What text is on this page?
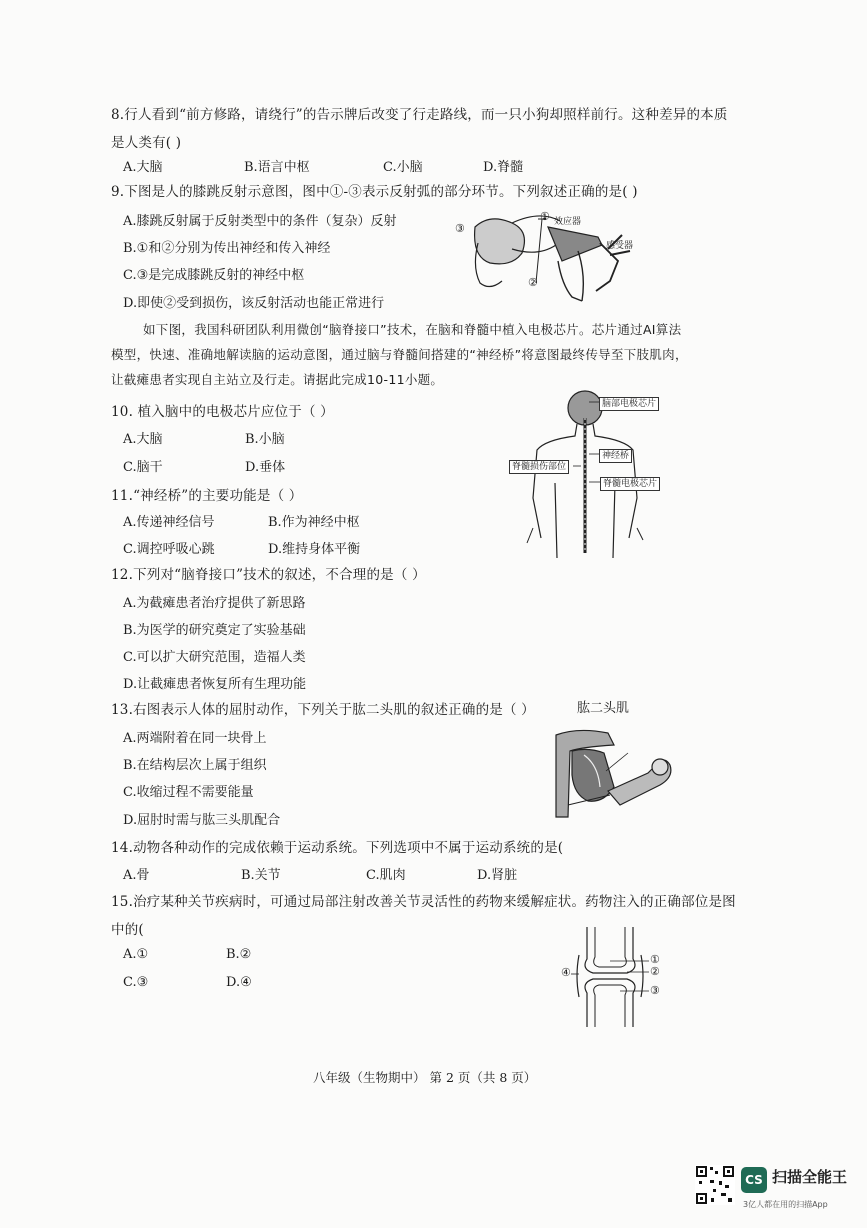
8.行人看到“前方修路，请绕行”的告示牌后改变了行走路线，而一只小狗却照样前行。这种差异的本质
是人类有( )
A.大脑	B.语言中枢	C.小脑	D.脊髓
9.下图是人的膝跳反射示意图，图中①-③表示反射弧的部分环节。下列叙述正确的是( )
A.膝跳反射属于反射类型中的条件（复杂）反射
B.①和②分别为传出神经和传入神经
C.③是完成膝跳反射的神经中枢
D.即使②受到损伤，该反射活动也能正常进行
③
①
②
效应器
感受器
如下图，我国科研团队利用微创“脑脊接口”技术，在脑和脊髓中植入电极芯片。芯片通过AI算法
模型，快速、准确地解读脑的运动意图，通过脑与脊髓间搭建的“神经桥”将意图最终传导至下肢肌肉，
让截瘫患者实现自主站立及行走。请据此完成10-11小题。
10. 植入脑中的电极芯片应位于（ ）
A.大脑	B.小脑
C.脑干	D.垂体
脑部电极芯片
神经桥
脊髓损伤部位
脊髓电极芯片
11.“神经桥”的主要功能是（ ）
A.传递神经信号	B.作为神经中枢
C.调控呼吸心跳	D.维持身体平衡
12.下列对“脑脊接口”技术的叙述，不合理的是（ ）
A.为截瘫患者治疗提供了新思路
B.为医学的研究奠定了实验基础
C.可以扩大研究范围，造福人类
D.让截瘫患者恢复所有生理功能
13.右图表示人体的屈肘动作，下列关于肱二头肌的叙述正确的是（ ）	肱二头肌
A.两端附着在同一块骨上
B.在结构层次上属于组织
C.收缩过程不需要能量
D.屈肘时需与肱三头肌配合
14.动物各种动作的完成依赖于运动系统。下列选项中不属于运动系统的是(
A.骨	B.关节	C.肌肉	D.肾脏
15.治疗某种关节疾病时，可通过局部注射改善关节灵活性的药物来缓解症状。药物注入的正确部位是图
中的(
A.①	B.②
C.③	D.④
①
②
③
④
八年级（生物期中） 第 2 页（共 8 页）
CS 扫描全能王
3亿人都在用的扫描App
